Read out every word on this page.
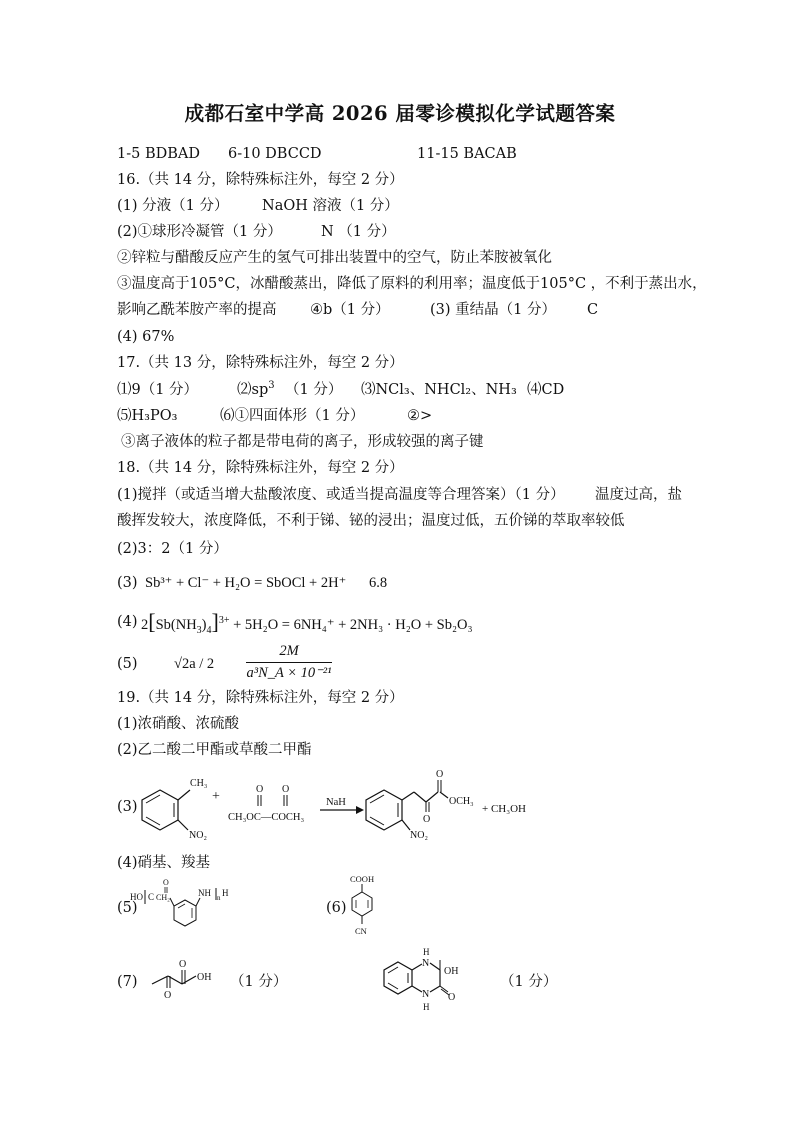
成都石室中学高 2026 届零诊模拟化学试题答案
1-5 BDBAD 6-10 DBCCD	11-15 BACAB
16.（共 14 分，除特殊标注外，每空 2 分）
(1) 分液（1 分） NaOH 溶液（1 分）
(2)①球形冷凝管（1 分）	N （1 分）
②锌粒与醋酸反应产生的氢气可排出装置中的空气，防止苯胺被氧化
③温度高于105°C，冰醋酸蒸出，降低了原料的利用率；温度低于105°C ，不利于蒸出水，
影响乙酰苯胺产率的提高 ④b（1 分）	(3) 重结晶（1 分） C
(4) 67%
17.（共 13 分，除特殊标注外，每空 2 分）
⑴9（1 分）	$⑵sp^3$ （1 分） ⑶NCl₃、NHCl₂、NH₃ ⑷CD
⑸H₃PO₃	⑹①四面体形（1 分）	②>
③离子液体的粒子都是带电荷的离子，形成较强的离子键
18.（共 14 分，除特殊标注外，每空 2 分）
(1)搅拌（或适当增大盐酸浓度、或适当提高温度等合理答案）（1 分） 温度过高，盐
酸挥发较大，浓度降低，不利于锑、铋的浸出；温度过低，五价锑的萃取率较低
(2)3：2（1 分）
(3) Sb³⁺ + Cl⁻ + H₂O = SbOCl + 2H⁺ 6.8
(4) $2[Sb(NH_3)_4]^{3+} + 5H_2O = 6NH_4^+ + 2NH_3 \cdot H_2O + Sb_2O_3$
(5)	$√2a / 2 \frac{2M}{\text{a³N\_A × 10⁻²¹}}$
19.（共 14 分，除特殊标注外，每空 2 分）
(1)浓硝酸、浓硫酸
(2)乙二酸二甲酯或草酸二甲酯
(3)
CH₃
NO₂
+	O O
CH₃OC—COCH₃
NaH
O
O
OCH₃
NO₂
+ CH₃OH
(4)硝基、羧基
(5)
HO
O
C CH₂	NH n H
(6)
COOH
CN
(7)
O
O
OH （1 分）
N
H
OH
O
N
H
（1 分）
